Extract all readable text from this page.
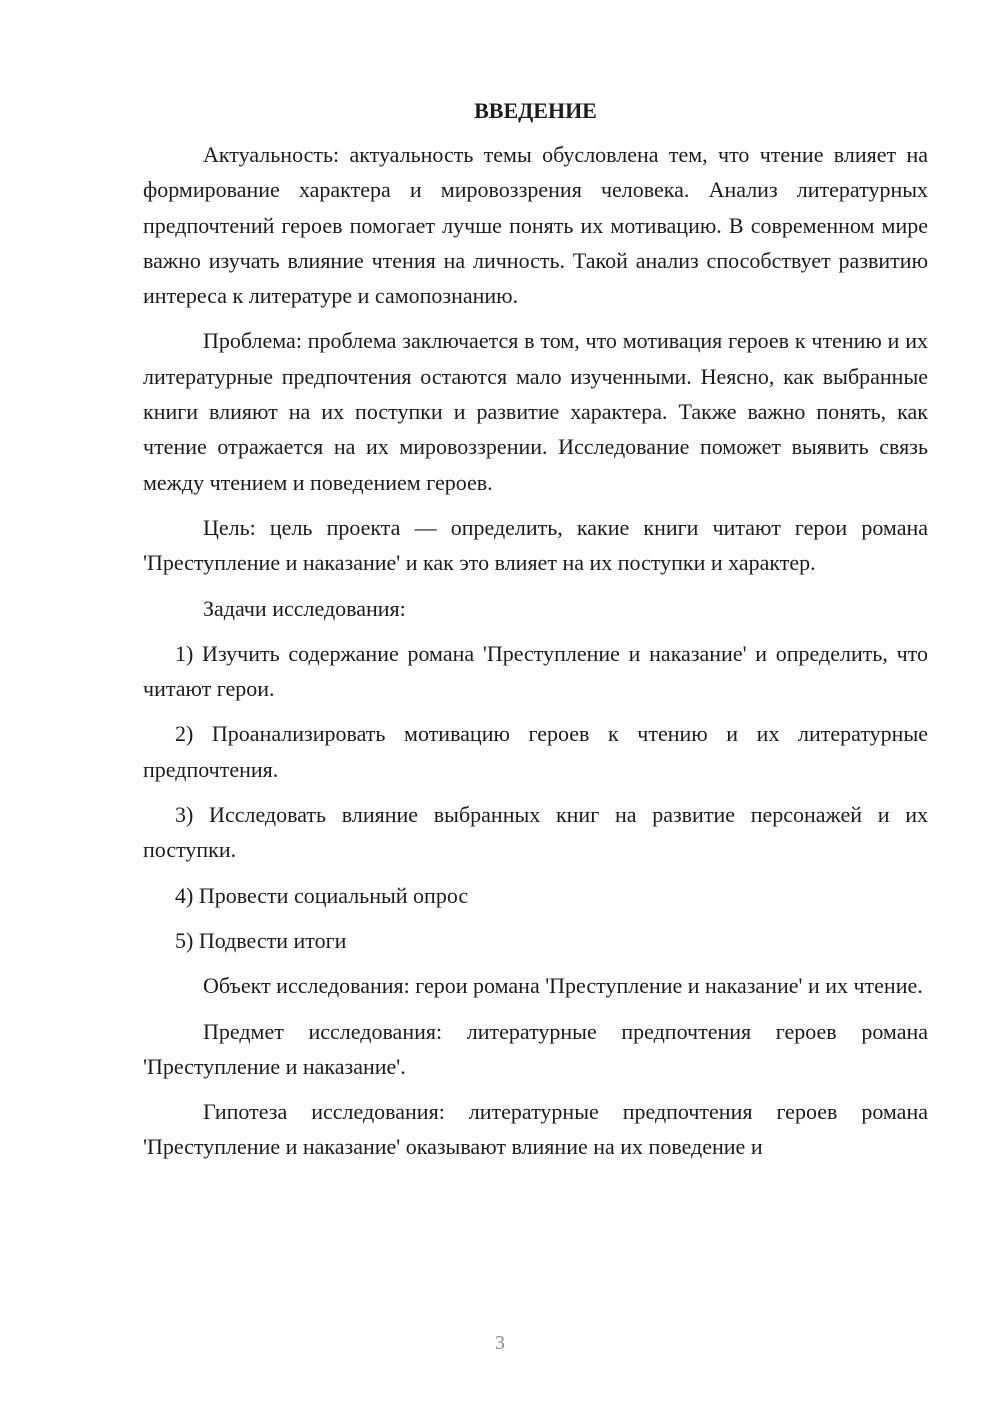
ВВЕДЕНИЕ

Актуальность: актуальность темы обусловлена тем, что чтение влияет на формирование характера и мировоззрения человека. Анализ литературных предпочтений героев помогает лучше понять их мотивацию. В современном мире важно изучать влияние чтения на личность. Такой анализ способствует развитию интереса к литературе и самопознанию.

Проблема: проблема заключается в том, что мотивация героев к чтению и их литературные предпочтения остаются мало изученными. Неясно, как выбранные книги влияют на их поступки и развитие характера. Также важно понять, как чтение отражается на их мировоззрении. Исследование поможет выявить связь между чтением и поведением героев.

Цель: цель проекта — определить, какие книги читают герои романа 'Преступление и наказание' и как это влияет на их поступки и характер.

Задачи исследования:

1) Изучить содержание романа 'Преступление и наказание' и определить, что читают герои.

2) Проанализировать мотивацию героев к чтению и их литературные предпочтения.

3) Исследовать влияние выбранных книг на развитие персонажей и их поступки.

4) Провести социальный опрос

5) Подвести итоги

Объект исследования: герои романа 'Преступление и наказание' и их чтение.

Предмет исследования: литературные предпочтения героев романа 'Преступление и наказание'.

Гипотеза исследования: литературные предпочтения героев романа 'Преступление и наказание' оказывают влияние на их поведение и

3
